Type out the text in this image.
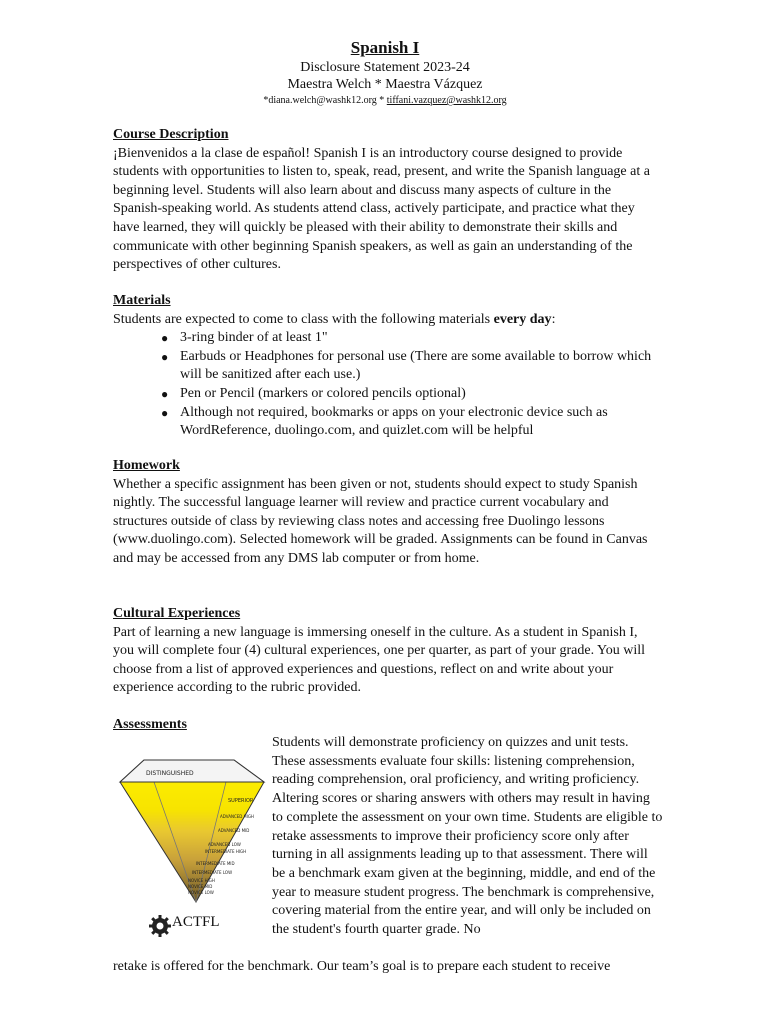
Spanish I
Disclosure Statement 2023-24
Maestra Welch * Maestra Vázquez
*diana.welch@washk12.org * tiffani.vazquez@washk12.org
Course Description

¡Bienvenidos a la clase de español! Spanish I is an introductory course designed to provide students with opportunities to listen to, speak, read, present, and write the Spanish language at a beginning level. Students will also learn about and discuss many aspects of culture in the Spanish-speaking world. As students attend class, actively participate, and practice what they have learned, they will quickly be pleased with their ability to demonstrate their skills and communicate with other beginning Spanish speakers, as well as gain an understanding of the perspectives of other cultures.

Materials

Students are expected to come to class with the following materials every day:

● 3-ring binder of at least 1"
● Earbuds or Headphones for personal use (There are some available to borrow which will be sanitized after each use.)
● Pen or Pencil (markers or colored pencils optional)
● Although not required, bookmarks or apps on your electronic device such as WordReference, duolingo.com, and quizlet.com will be helpful
Homework

Whether a specific assignment has been given or not, students should expect to study Spanish nightly. The successful language learner will review and practice current vocabulary and structures outside of class by reviewing class notes and accessing free Duolingo lessons (www.duolingo.com). Selected homework will be graded. Assignments can be found in Canvas and may be accessed from any DMS lab computer or from home.

Cultural Experiences

Part of learning a new language is immersing oneself in the culture. As a student in Spanish I, you will complete four (4) cultural experiences, one per quarter, as part of your grade. You will choose from a list of approved experiences and questions, reflect on and write about your experience according to the rubric provided.

Assessments
DISTINGUISHED
SUPERIOR
ADVANCED HIGH
ADVANCED MID
ADVANCED LOW
INTERMEDIATE HIGH
INTERMEDIATE MID
INTERMEDIATE LOW
NOVICE HIGH
NOVICE MID
NOVICE LOW
ACTFL

Students will demonstrate proficiency on quizzes and unit tests. These assessments evaluate four skills: listening comprehension, reading comprehension, oral proficiency, and writing proficiency. Altering scores or sharing answers with others may result in having to complete the assessment on your own time. Students are eligible to retake assessments to improve their proficiency score only after turning in all assignments leading up to that assessment. There will be a benchmark exam given at the beginning, middle, and end of the year to measure student progress. The benchmark is comprehensive, covering material from the entire year, and will only be included on the student's fourth quarter grade. No

retake is offered for the benchmark. Our team’s goal is to prepare each student to receive
